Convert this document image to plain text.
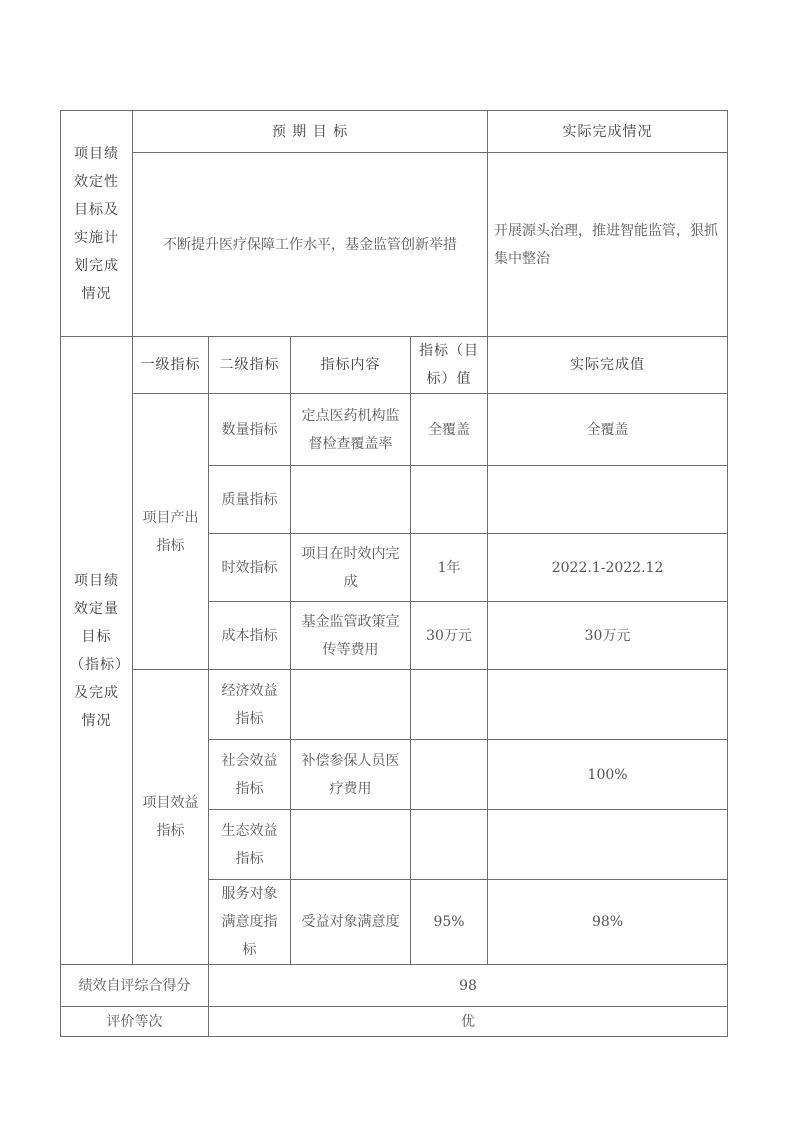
项目绩效定性目标及实施计划完成情况	预 期 目 标				实际完成情况
	不断提升医疗保障工作水平，基金监管创新举措				开展源头治理，推进智能监管，狠抓集中整治
项目绩效定量目标（指标）及完成情况	一级指标	二级指标	指标内容	指标（目标）值	实际完成值
	项目产出指标	数量指标	定点医药机构监督检查覆盖率	全覆盖	全覆盖
		质量指标			
		时效指标	项目在时效内完成	1年	2022.1-2022.12
		成本指标	基金监管政策宣传等费用	30万元	30万元
	项目效益指标	经济效益指标			
		社会效益指标	补偿参保人员医疗费用		100%
		生态效益指标			
		服务对象满意度指标	受益对象满意度	95%	98%
绩效自评综合得分		98			
评价等次		优			
